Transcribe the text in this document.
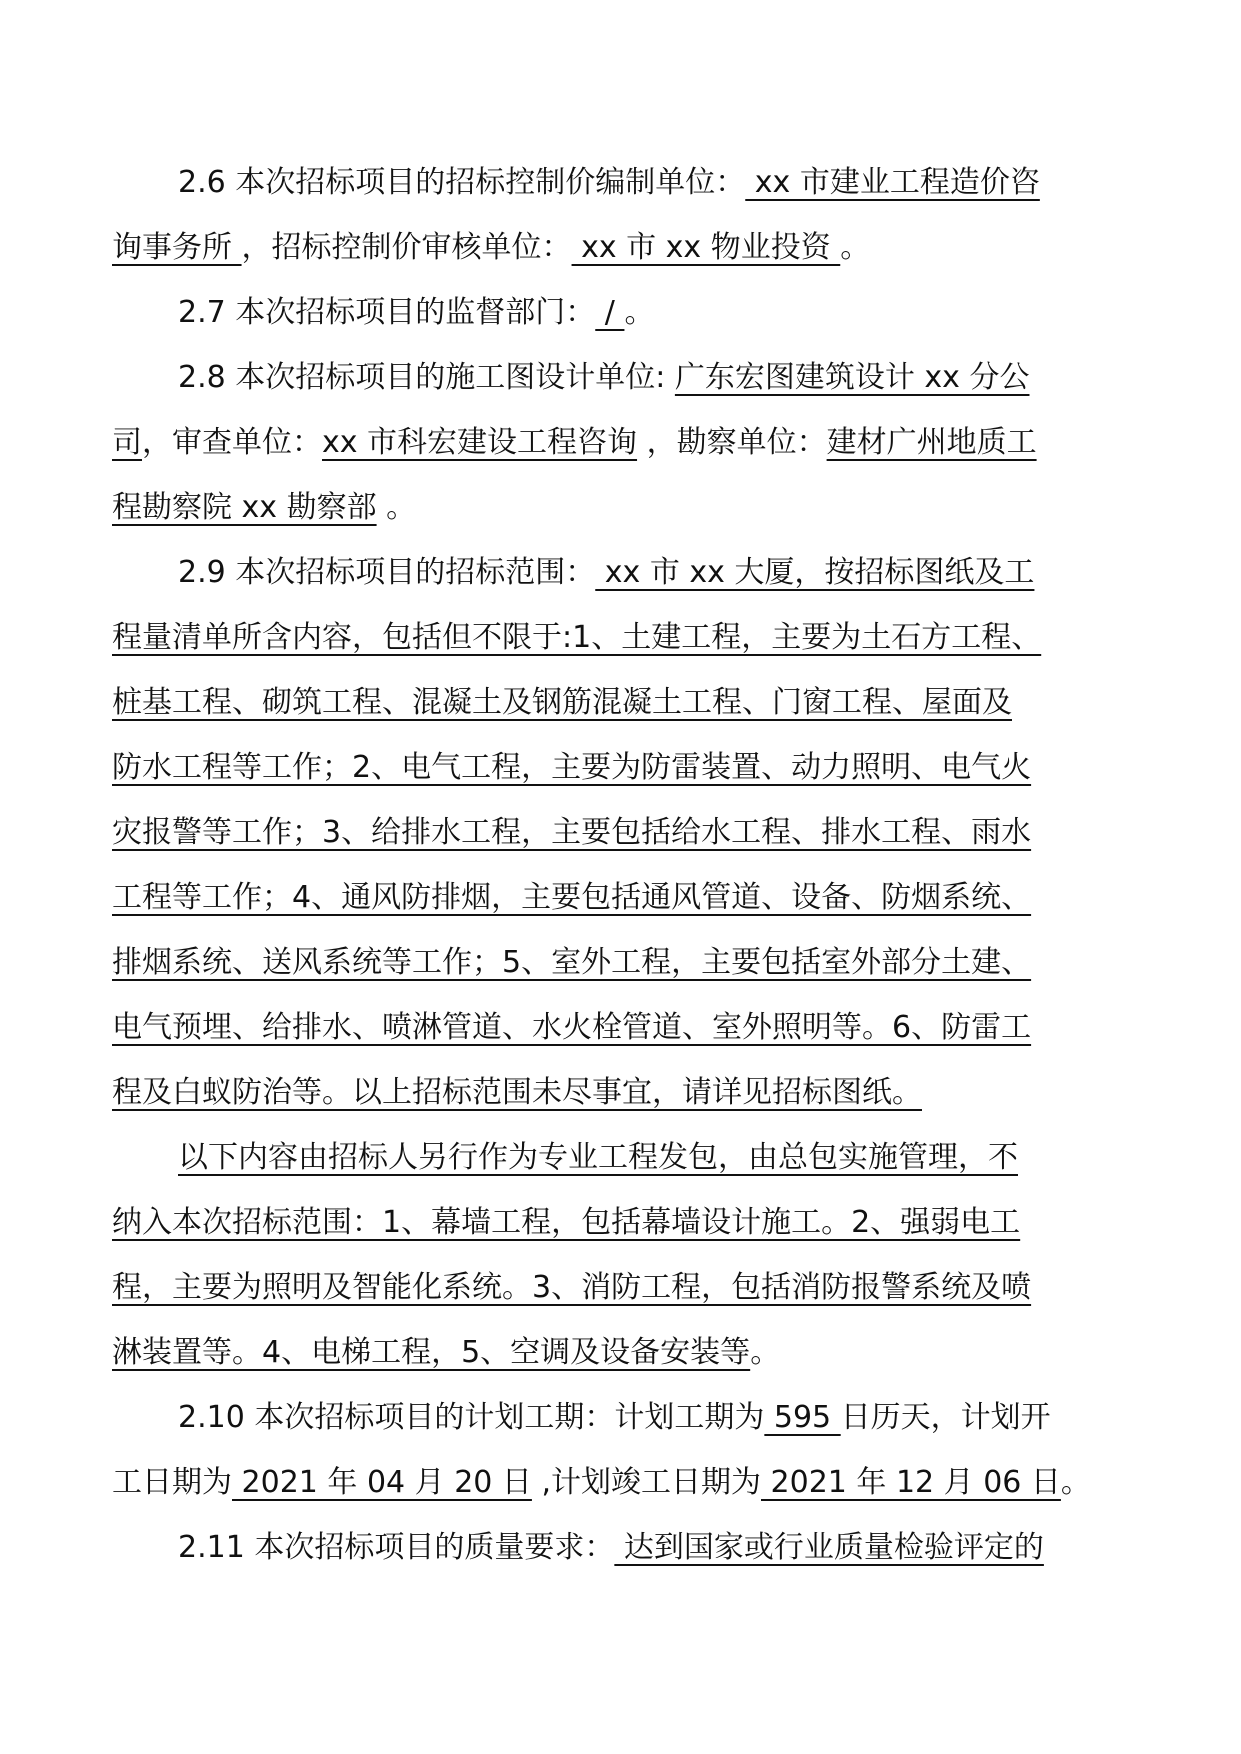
2.6 本次招标项目的招标控制价编制单位： xx 市建业工程造价咨
询事务所 ，招标控制价审核单位： xx 市 xx 物业投资 。
2.7 本次招标项目的监督部门： / 。
2.8 本次招标项目的施工图设计单位: 广东宏图建筑设计 xx 分公
司，审查单位：xx 市科宏建设工程咨询 ，勘察单位：建材广州地质工
程勘察院 xx 勘察部 。
2.9 本次招标项目的招标范围： xx 市 xx 大厦，按招标图纸及工
程量清单所含内容，包括但不限于:1、土建工程，主要为土石方工程、
桩基工程、砌筑工程、混凝土及钢筋混凝土工程、门窗工程、屋面及
防水工程等工作；2、电气工程，主要为防雷装置、动力照明、电气火
灾报警等工作；3、给排水工程，主要包括给水工程、排水工程、雨水
工程等工作；4、通风防排烟，主要包括通风管道、设备、防烟系统、
排烟系统、送风系统等工作；5、室外工程，主要包括室外部分土建、
电气预埋、给排水、喷淋管道、水火栓管道、室外照明等。6、防雷工
程及白蚁防治等。以上招标范围未尽事宜，请详见招标图纸。
以下内容由招标人另行作为专业工程发包，由总包实施管理，不
纳入本次招标范围：1、幕墙工程，包括幕墙设计施工。2、强弱电工
程，主要为照明及智能化系统。3、消防工程，包括消防报警系统及喷
淋装置等。4、电梯工程，5、空调及设备安装等。
2.10 本次招标项目的计划工期：计划工期为 595 日历天，计划开
工日期为 2021 年 04 月 20 日 ,计划竣工日期为 2021 年 12 月 06 日。
2.11 本次招标项目的质量要求： 达到国家或行业质量检验评定的
